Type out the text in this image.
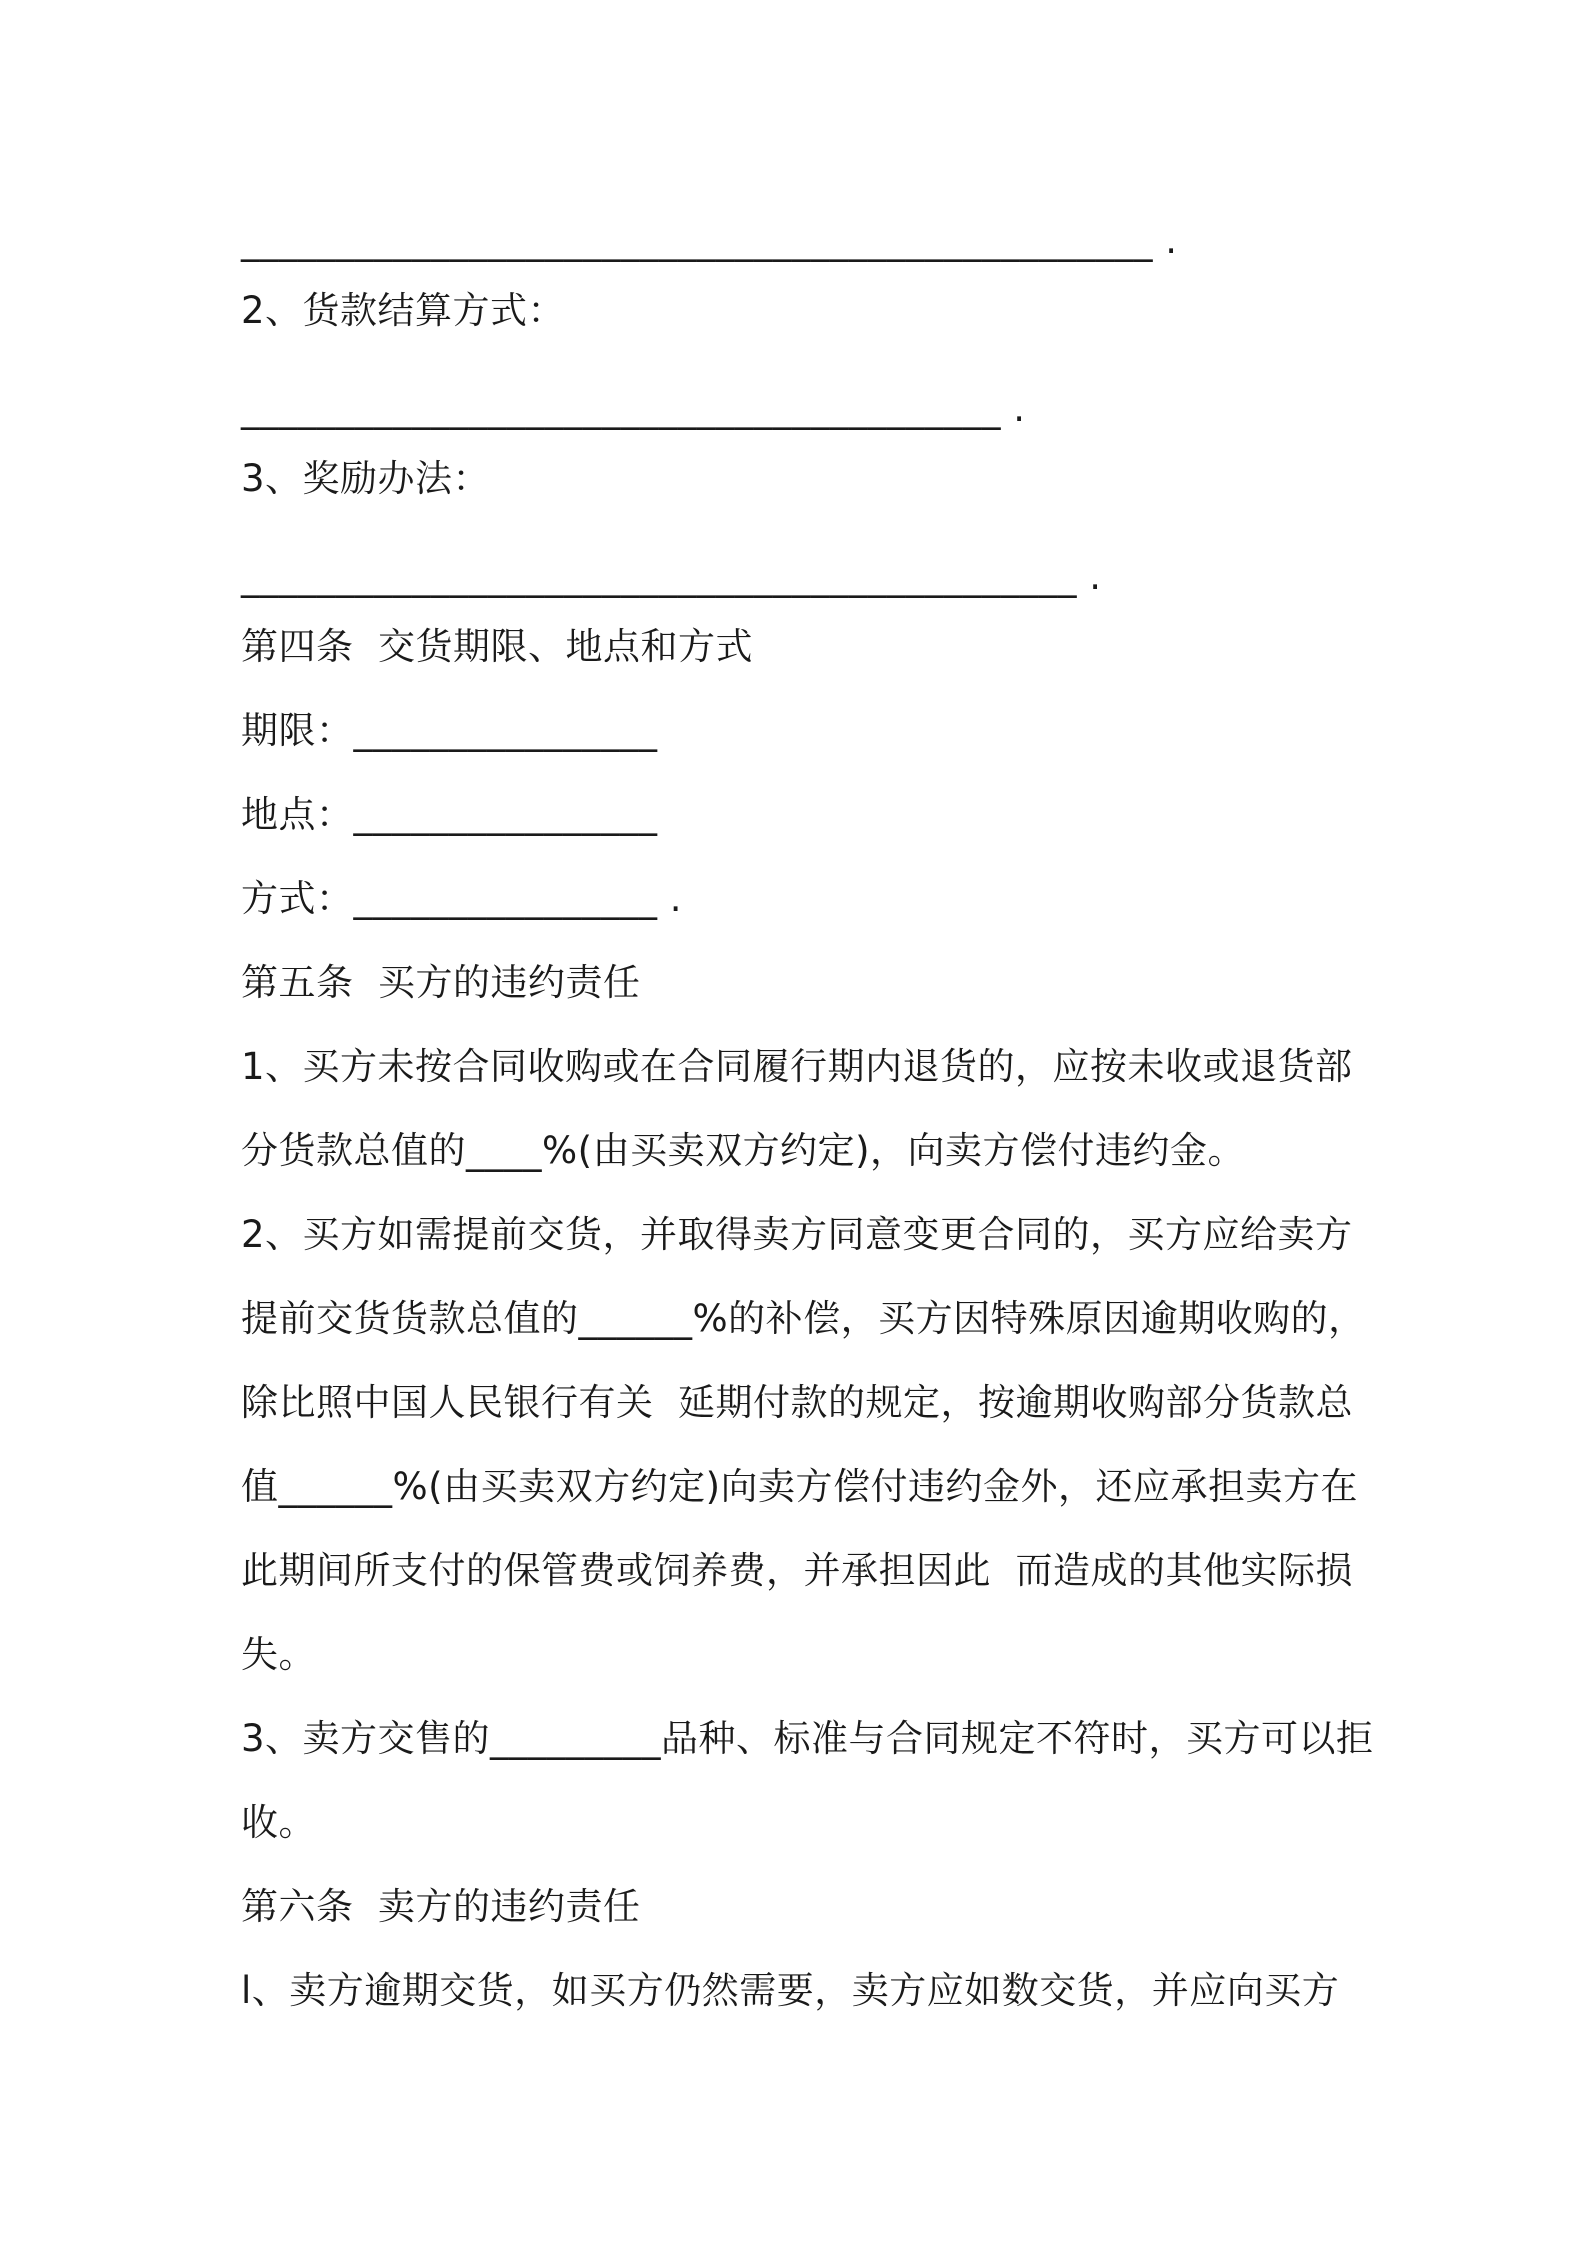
________________________________________________ .
2、货款结算方式：
________________________________________ .
3、奖励办法：
____________________________________________ .
第四条  交货期限、地点和方式
期限：________________
地点：________________
方式：________________ .
第五条  买方的违约责任
1、买方未按合同收购或在合同履行期内退货的，应按未收或退货部
分货款总值的____%(由买卖双方约定)，向卖方偿付违约金。
2、买方如需提前交货，并取得卖方同意变更合同的，买方应给卖方
提前交货货款总值的______%的补偿，买方因特殊原因逾期收购的，
除比照中国人民银行有关  延期付款的规定，按逾期收购部分货款总
值______%(由买卖双方约定)向卖方偿付违约金外，还应承担卖方在
此期间所支付的保管费或饲养费，并承担因此  而造成的其他实际损
失。
3、卖方交售的_________品种、标准与合同规定不符时，买方可以拒
收。
第六条  卖方的违约责任
l、卖方逾期交货，如买方仍然需要，卖方应如数交货，并应向买方
